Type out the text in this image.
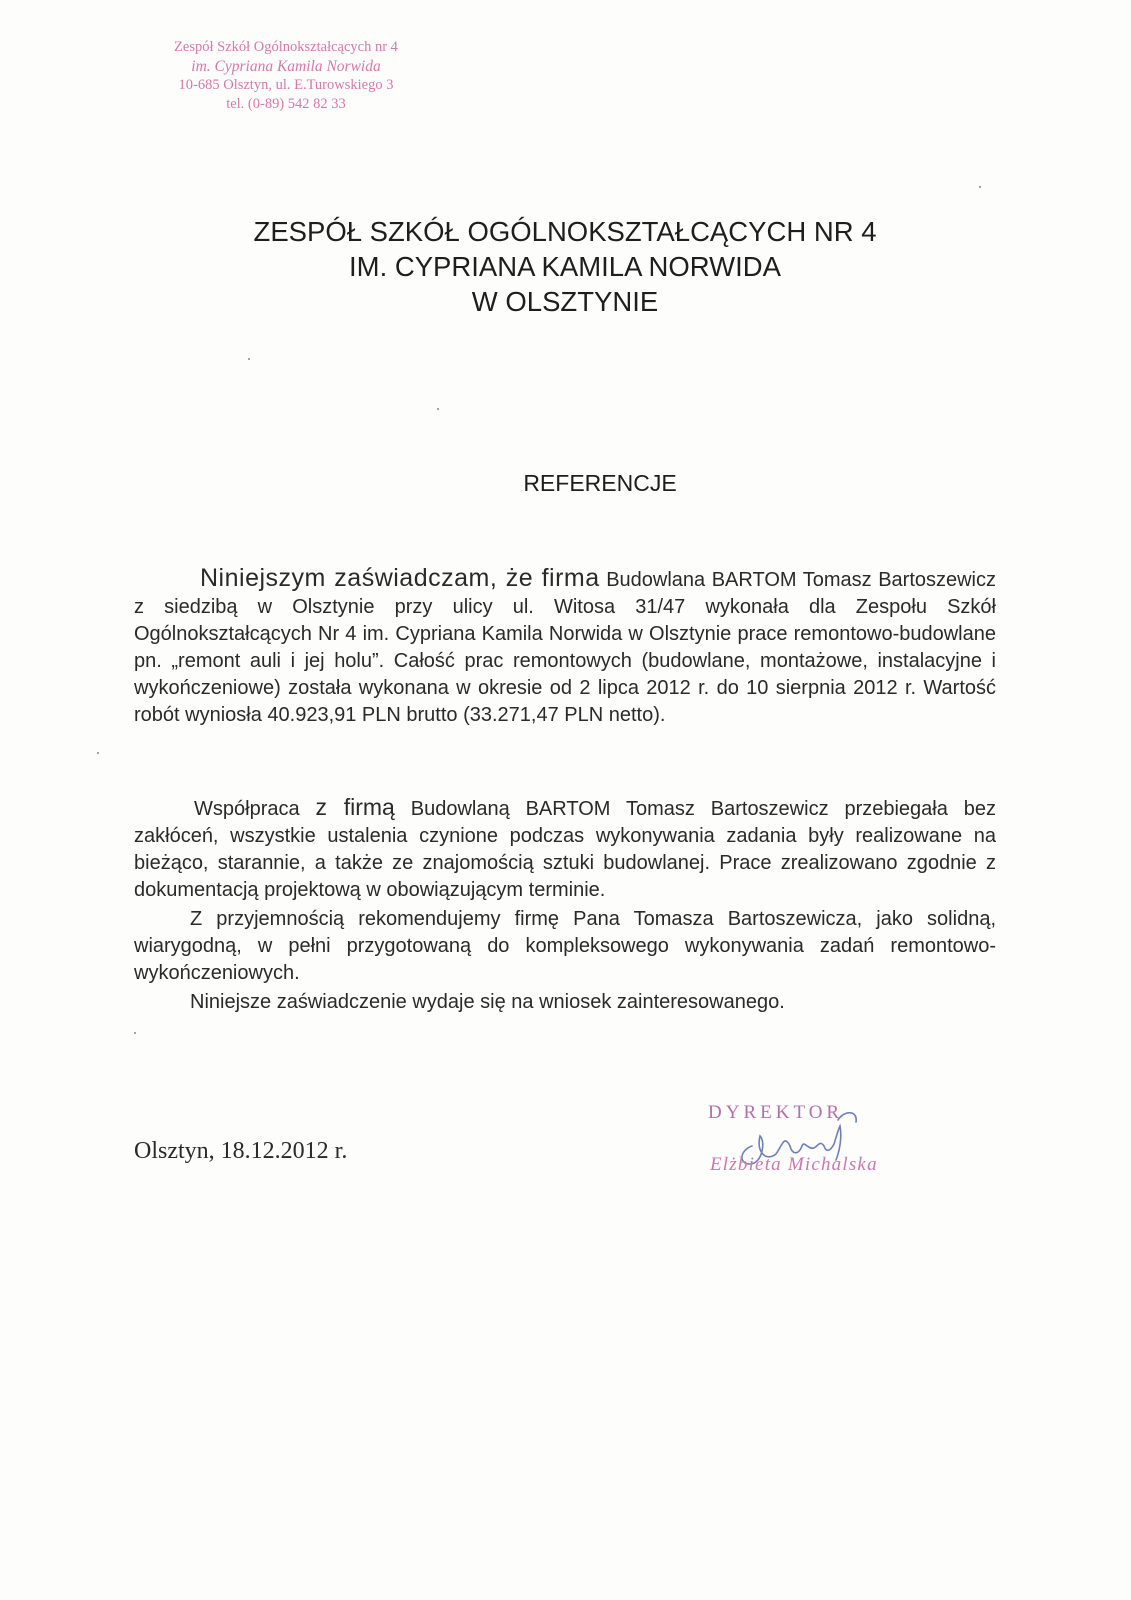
Zespół Szkół Ogólnokształcących nr 4
im. Cypriana Kamila Norwida
10-685 Olsztyn, ul. E.Turowskiego 3
tel. (0-89) 542 82 33
ZESPÓŁ SZKÓŁ OGÓLNOKSZTAŁCĄCYCH NR 4
IM. CYPRIANA KAMILA NORWIDA
W OLSZTYNIE
REFERENCJE
Niniejszym zaświadczam, że firma Budowlana BARTOM Tomasz Bartoszewicz z siedzibą w Olsztynie przy ulicy ul. Witosa 31/47 wykonała dla Zespołu Szkół Ogólnokształcących Nr 4 im. Cypriana Kamila Norwida w Olsztynie prace remontowo-budowlane pn. „remont auli i jej holu”. Całość prac remontowych (budowlane, montażowe, instalacyjne i wykończeniowe) została wykonana w okresie od 2 lipca 2012 r. do 10 sierpnia 2012 r. Wartość robót wyniosła 40.923,91 PLN brutto (33.271,47 PLN netto).
Współpraca z firmą Budowlaną BARTOM Tomasz Bartoszewicz przebiegała bez zakłóceń, wszystkie ustalenia czynione podczas wykonywania zadania były realizowane na bieżąco, starannie, a także ze znajomością sztuki budowlanej. Prace zrealizowano zgodnie z dokumentacją projektową w obowiązującym terminie.
Z przyjemnością rekomendujemy firmę Pana Tomasza Bartoszewicza, jako solidną, wiarygodną, w pełni przygotowaną do kompleksowego wykonywania zadań remontowo-wykończeniowych.
Niniejsze zaświadczenie wydaje się na wniosek zainteresowanego.
Olsztyn, 18.12.2012 r.
DYREKTOR
Elżbieta Michalska
